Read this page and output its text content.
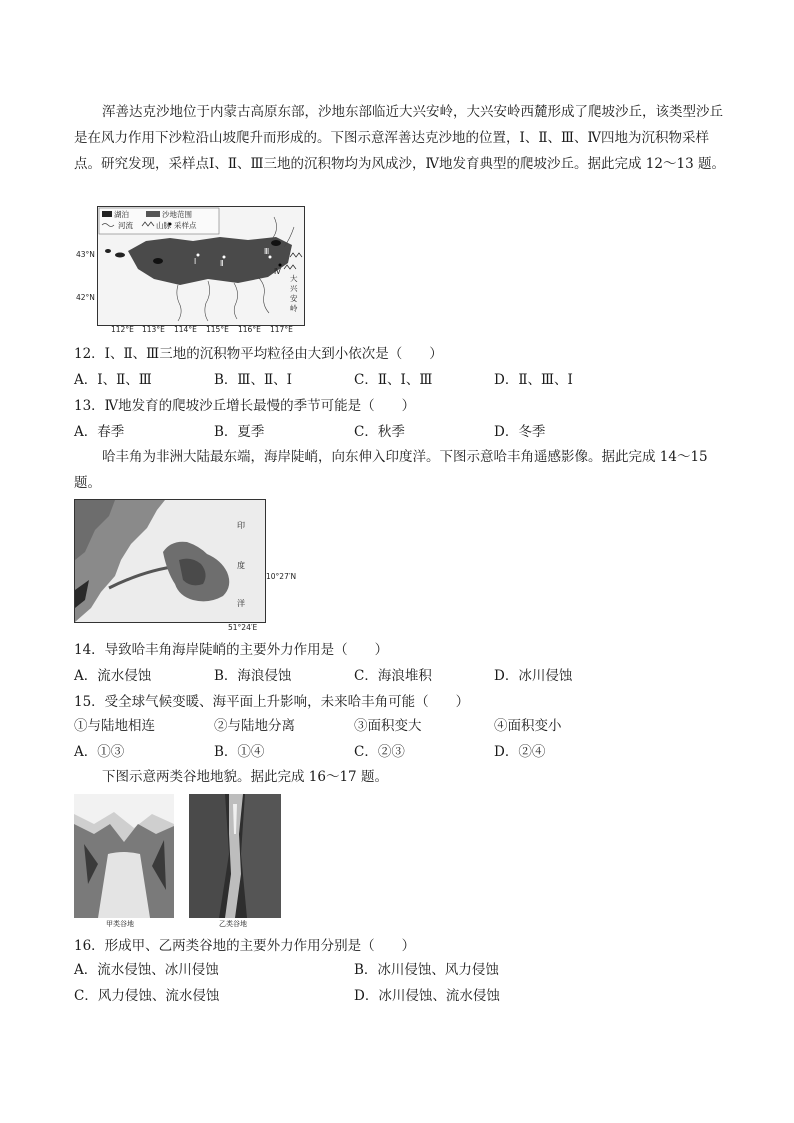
浑善达克沙地位于内蒙古高原东部，沙地东部临近大兴安岭，大兴安岭西麓形成了爬坡沙丘，该类型沙丘是在风力作用下沙粒沿山坡爬升而形成的。下图示意浑善达克沙地的位置，Ⅰ、Ⅱ、Ⅲ、Ⅳ四地为沉积物采样点。研究发现，采样点Ⅰ、Ⅱ、Ⅲ三地的沉积物均为风成沙，Ⅳ地发育典型的爬坡沙丘。据此完成 12～13 题。
湖泊	沙地范围
河流	山脉 采样点
Ⅰ	Ⅱ
Ⅲ
Ⅳ
大
兴
安
岭
43°N
42°N
112°E 113°E 114°E 115°E 116°E 117°E
12．Ⅰ、Ⅱ、Ⅲ三地的沉积物平均粒径由大到小依次是（　　）
A．Ⅰ、Ⅱ、Ⅲ	B．Ⅲ、Ⅱ、Ⅰ	C．Ⅱ、Ⅰ、Ⅲ	D．Ⅱ、Ⅲ、Ⅰ
13．Ⅳ地发育的爬坡沙丘增长最慢的季节可能是（　　）
A．春季	B．夏季	C．秋季	D．冬季
哈丰角为非洲大陆最东端，海岸陡峭，向东伸入印度洋。下图示意哈丰角遥感影像。据此完成 14～15 题。
印
度
洋
10°27′N
51°24′E
14．导致哈丰角海岸陡峭的主要外力作用是（　　）
A．流水侵蚀	B．海浪侵蚀	C．海浪堆积	D．冰川侵蚀
15．受全球气候变暖、海平面上升影响，未来哈丰角可能（　　）
①与陆地相连	②与陆地分离	③面积变大	④面积变小
A．①③	B．①④	C．②③	D．②④
下图示意两类谷地地貌。据此完成 16～17 题。
甲类谷地	乙类谷地
16．形成甲、乙两类谷地的主要外力作用分别是（　　）
A．流水侵蚀、冰川侵蚀	B．冰川侵蚀、风力侵蚀
C．风力侵蚀、流水侵蚀	D．冰川侵蚀、流水侵蚀
